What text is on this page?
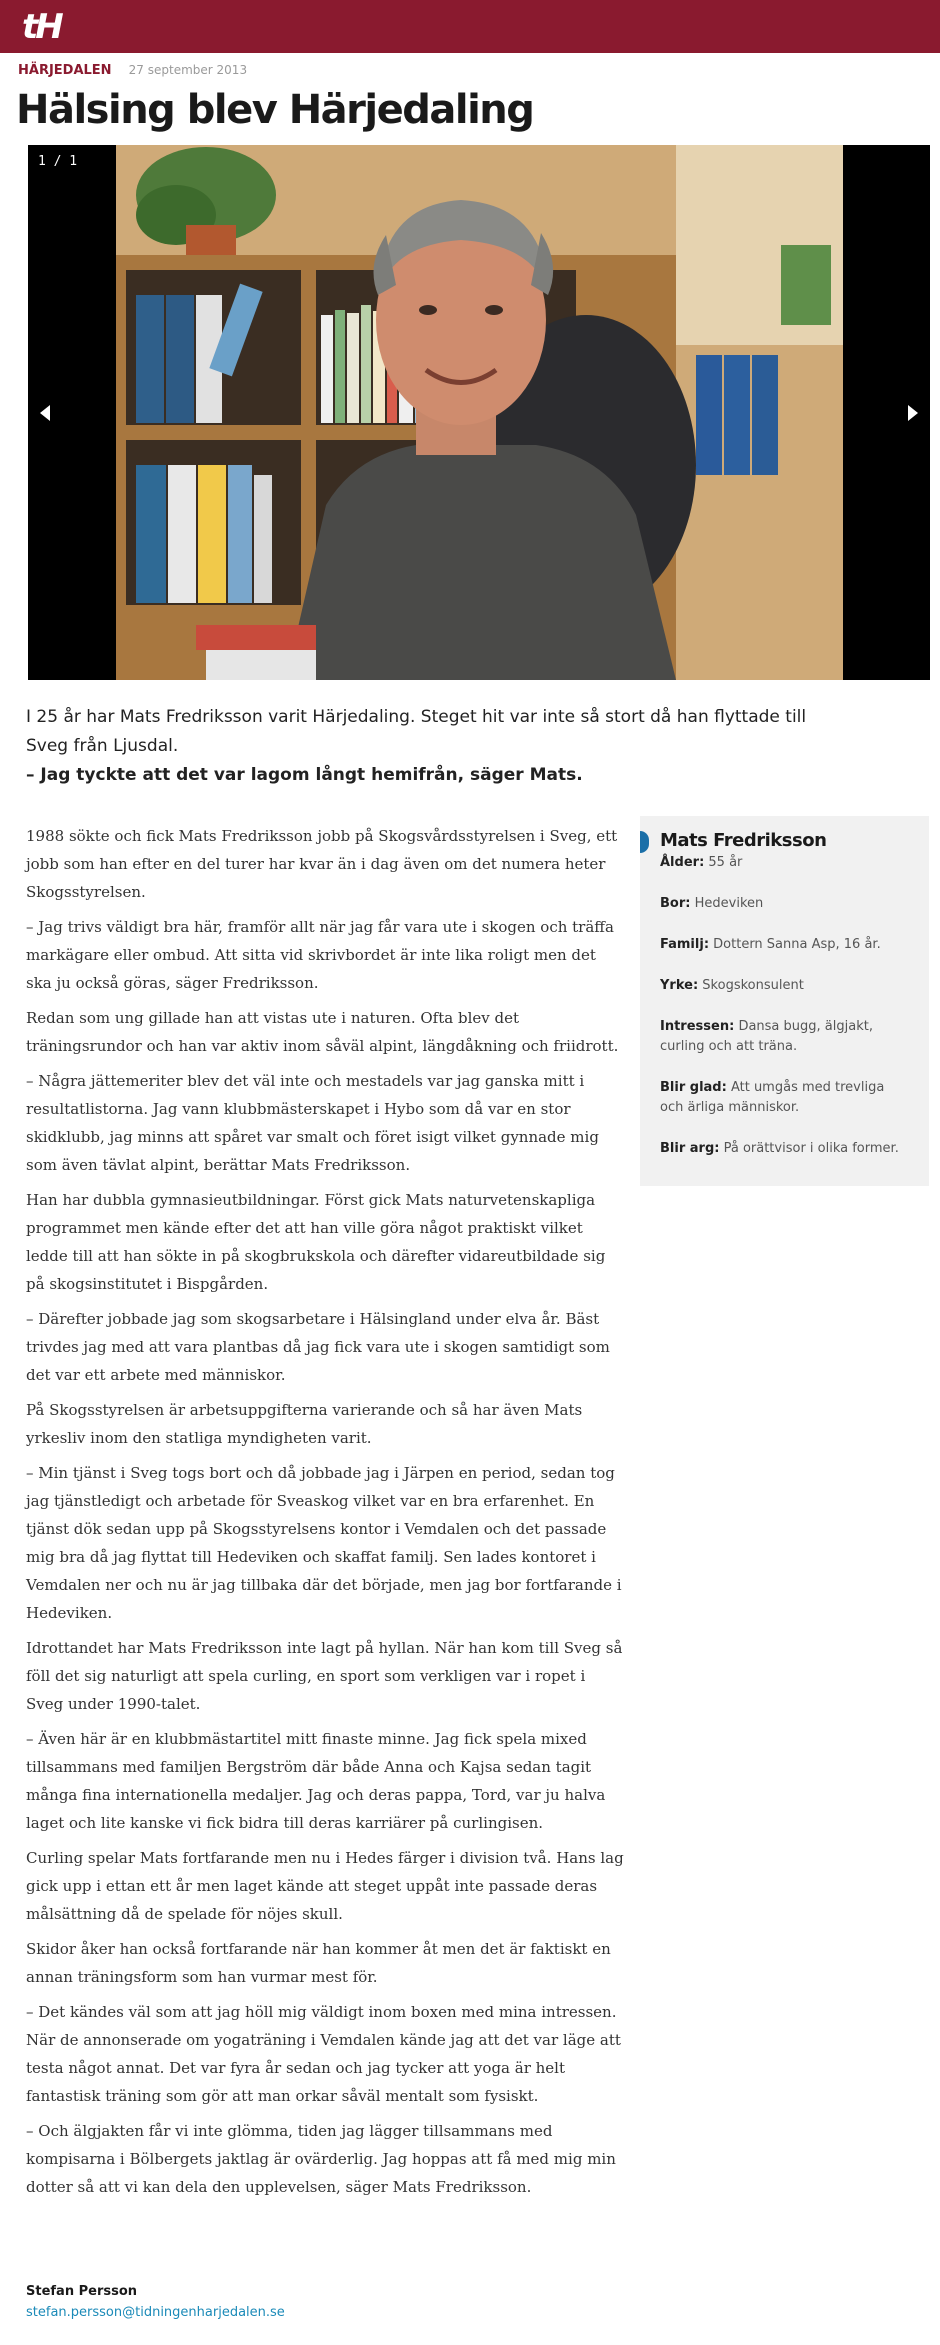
tH
HÄRJEDALEN 27 september 2013
Hälsing blev Härjedaling
1 / 1

I 25 år har Mats Fredriksson varit Härjedaling. Steget hit var inte så stort då han flyttade till Sveg från Ljusdal.

– Jag tyckte att det var lagom långt hemifrån, säger Mats.

1988 sökte och fick Mats Fredriksson jobb på Skogsvårdsstyrelsen i Sveg, ett jobb som han efter en del turer har kvar än i dag även om det numera heter Skogsstyrelsen.

– Jag trivs väldigt bra här, framför allt när jag får vara ute i skogen och träffa markägare eller ombud. Att sitta vid skrivbordet är inte lika roligt men det ska ju också göras, säger Fredriksson.

Redan som ung gillade han att vistas ute i naturen. Ofta blev det träningsrundor och han var aktiv inom såväl alpint, längdåkning och friidrott.

– Några jättemeriter blev det väl inte och mestadels var jag ganska mitt i resultatlistorna. Jag vann klubbmästerskapet i Hybo som då var en stor skidklubb, jag minns att spåret var smalt och föret isigt vilket gynnade mig som även tävlat alpint, berättar Mats Fredriksson.

Han har dubbla gymnasieutbildningar. Först gick Mats naturvetenskapliga programmet men kände efter det att han ville göra något praktiskt vilket ledde till att han sökte in på skogbrukskola och därefter vidareutbildade sig på skogsinstitutet i Bispgården.

– Därefter jobbade jag som skogsarbetare i Hälsingland under elva år. Bäst trivdes jag med att vara plantbas då jag fick vara ute i skogen samtidigt som det var ett arbete med människor.

På Skogsstyrelsen är arbetsuppgifterna varierande och så har även Mats yrkesliv inom den statliga myndigheten varit.

– Min tjänst i Sveg togs bort och då jobbade jag i Järpen en period, sedan tog jag tjänstledigt och arbetade för Sveaskog vilket var en bra erfarenhet. En tjänst dök sedan upp på Skogsstyrelsens kontor i Vemdalen och det passade mig bra då jag flyttat till Hedeviken och skaffat familj. Sen lades kontoret i Vemdalen ner och nu är jag tillbaka där det började, men jag bor fortfarande i Hedeviken.

Idrottandet har Mats Fredriksson inte lagt på hyllan. När han kom till Sveg så föll det sig naturligt att spela curling, en sport som verkligen var i ropet i Sveg under 1990-talet.

– Även här är en klubbmästartitel mitt finaste minne. Jag fick spela mixed tillsammans med familjen Bergström där både Anna och Kajsa sedan tagit många fina internationella medaljer. Jag och deras pappa, Tord, var ju halva laget och lite kanske vi fick bidra till deras karriärer på curlingisen.

Curling spelar Mats fortfarande men nu i Hedes färger i division två. Hans lag gick upp i ettan ett år men laget kände att steget uppåt inte passade deras målsättning då de spelade för nöjes skull.

Skidor åker han också fortfarande när han kommer åt men det är faktiskt en annan träningsform som han vurmar mest för.

– Det kändes väl som att jag höll mig väldigt inom boxen med mina intressen. När de annonserade om yogaträning i Vemdalen kände jag att det var läge att testa något annat. Det var fyra år sedan och jag tycker att yoga är helt fantastisk träning som gör att man orkar såväl mentalt som fysiskt.

– Och älgjakten får vi inte glömma, tiden jag lägger tillsammans med kompisarna i Bölbergets jaktlag är ovärderlig. Jag hoppas att få med mig min dotter så att vi kan dela den upplevelsen, säger Mats Fredriksson.

Mats Fredriksson
Ålder: 55 år
Bor: Hedeviken
Familj: Dottern Sanna Asp, 16 år.
Yrke: Skogskonsulent
Intressen: Dansa bugg, älgjakt, curling och att träna.
Blir glad: Att umgås med trevliga och ärliga människor.
Blir arg: På orättvisor i olika former.
Stefan Persson
stefan.persson@tidningenharjedalen.se
